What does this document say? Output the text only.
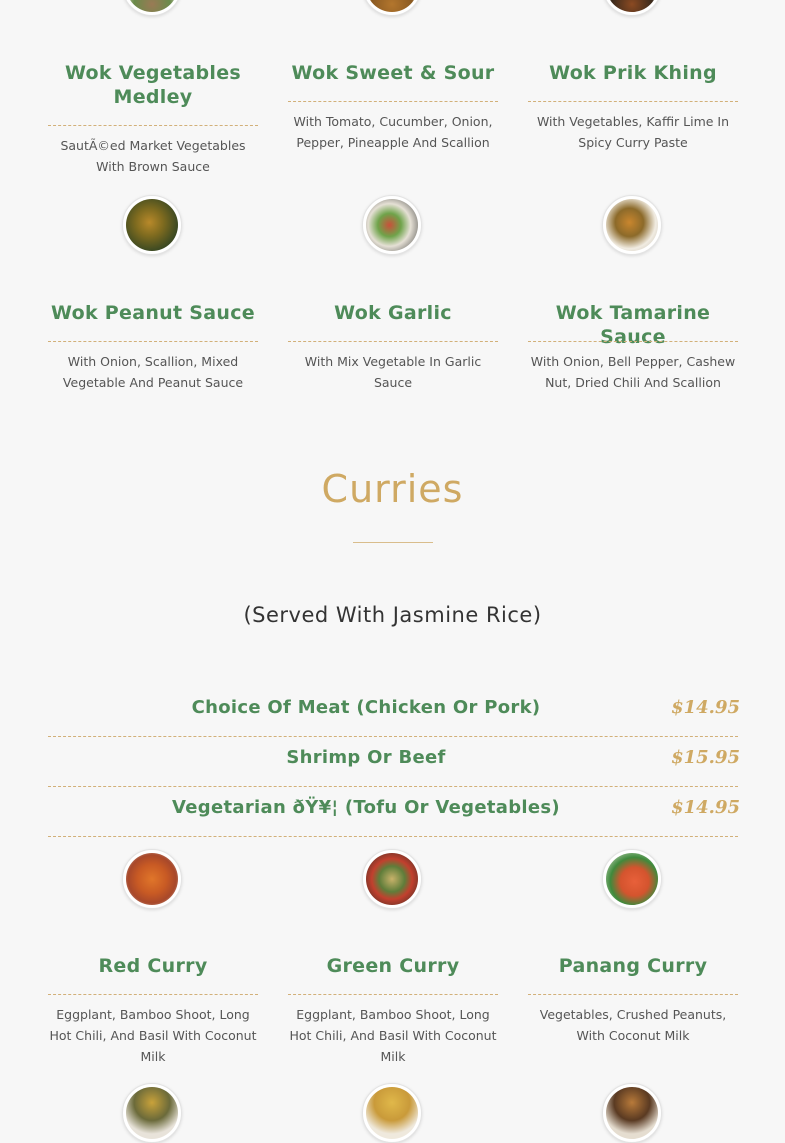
Wok Vegetables Medley
SautÃ©ed Market Vegetables With Brown Sauce
Wok Sweet & Sour
With Tomato, Cucumber, Onion, Pepper, Pineapple And Scallion
Wok Prik Khing
With Vegetables, Kaffir Lime In Spicy Curry Paste
Wok Peanut Sauce
With Onion, Scallion, Mixed Vegetable And Peanut Sauce
Wok Garlic
With Mix Vegetable In Garlic Sauce
Wok Tamarine Sauce
With Onion, Bell Pepper, Cashew Nut, Dried Chili And Scallion
Curries
(Served With Jasmine Rice)
Choice Of Meat (Chicken Or Pork)	$14.95
Shrimp Or Beef	$15.95
Vegetarian ðŸ¥¦ (Tofu Or Vegetables)	$14.95
Red Curry
Eggplant, Bamboo Shoot, Long Hot Chili, And Basil With Coconut Milk
Green Curry
Eggplant, Bamboo Shoot, Long Hot Chili, And Basil With Coconut Milk
Panang Curry
Vegetables, Crushed Peanuts, With Coconut Milk
